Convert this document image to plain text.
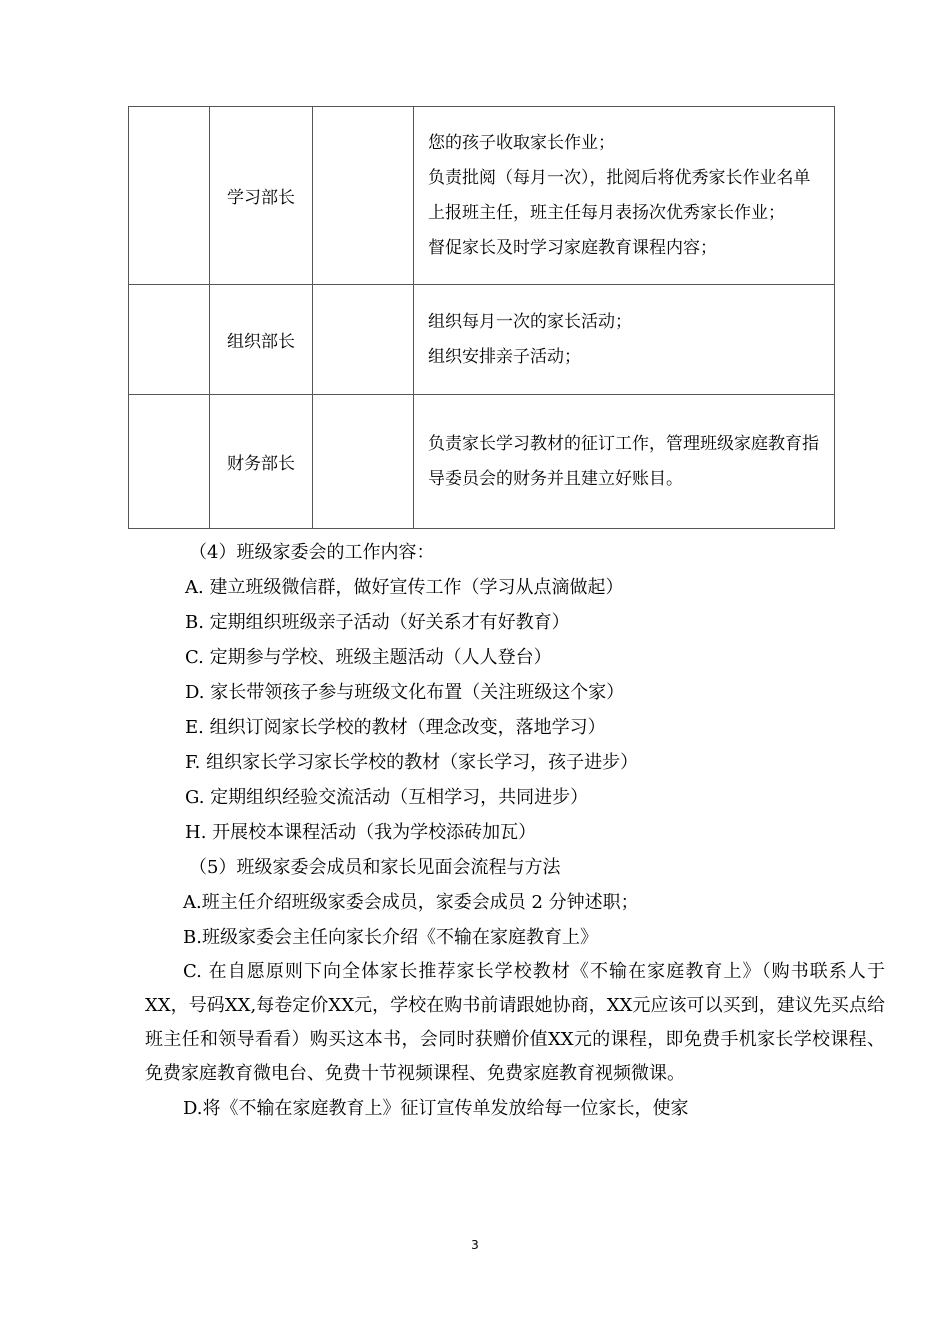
	学习部长		您的孩子收取家长作业；
负责批阅（每月一次），批阅后将优秀家长作业名单上报班主任，班主任每月表扬次优秀家长作业；
督促家长及时学习家庭教育课程内容；

	组织部长		组织每月一次的家长活动；
组织安排亲子活动；

	财务部长		负责家长学习教材的征订工作，管理班级家庭教育指导委员会的财务并且建立好账目。
（4）班级家委会的工作内容：
A. 建立班级微信群，做好宣传工作（学习从点滴做起）
B. 定期组织班级亲子活动（好关系才有好教育）
C. 定期参与学校、班级主题活动（人人登台）
D. 家长带领孩子参与班级文化布置（关注班级这个家）
E. 组织订阅家长学校的教材（理念改变，落地学习）
F. 组织家长学习家长学校的教材（家长学习，孩子进步）
G. 定期组织经验交流活动（互相学习，共同进步）
H. 开展校本课程活动（我为学校添砖加瓦）
（5）班级家委会成员和家长见面会流程与方法
A.班主任介绍班级家委会成员，家委会成员 2 分钟述职；
B.班级家委会主任向家长介绍《不输在家庭教育上》
C. 在自愿原则下向全体家长推荐家长学校教材《不输在家庭教育上》（购书联系人于XX，号码XX,每卷定价XX元，学校在购书前请跟她协商，XX元应该可以买到，建议先买点给班主任和领导看看）购买这本书，会同时获赠价值XX元的课程，即免费手机家长学校课程、免费家庭教育微电台、免费十节视频课程、免费家庭教育视频微课。
D.将《不输在家庭教育上》征订宣传单发放给每一位家长，使家
3
